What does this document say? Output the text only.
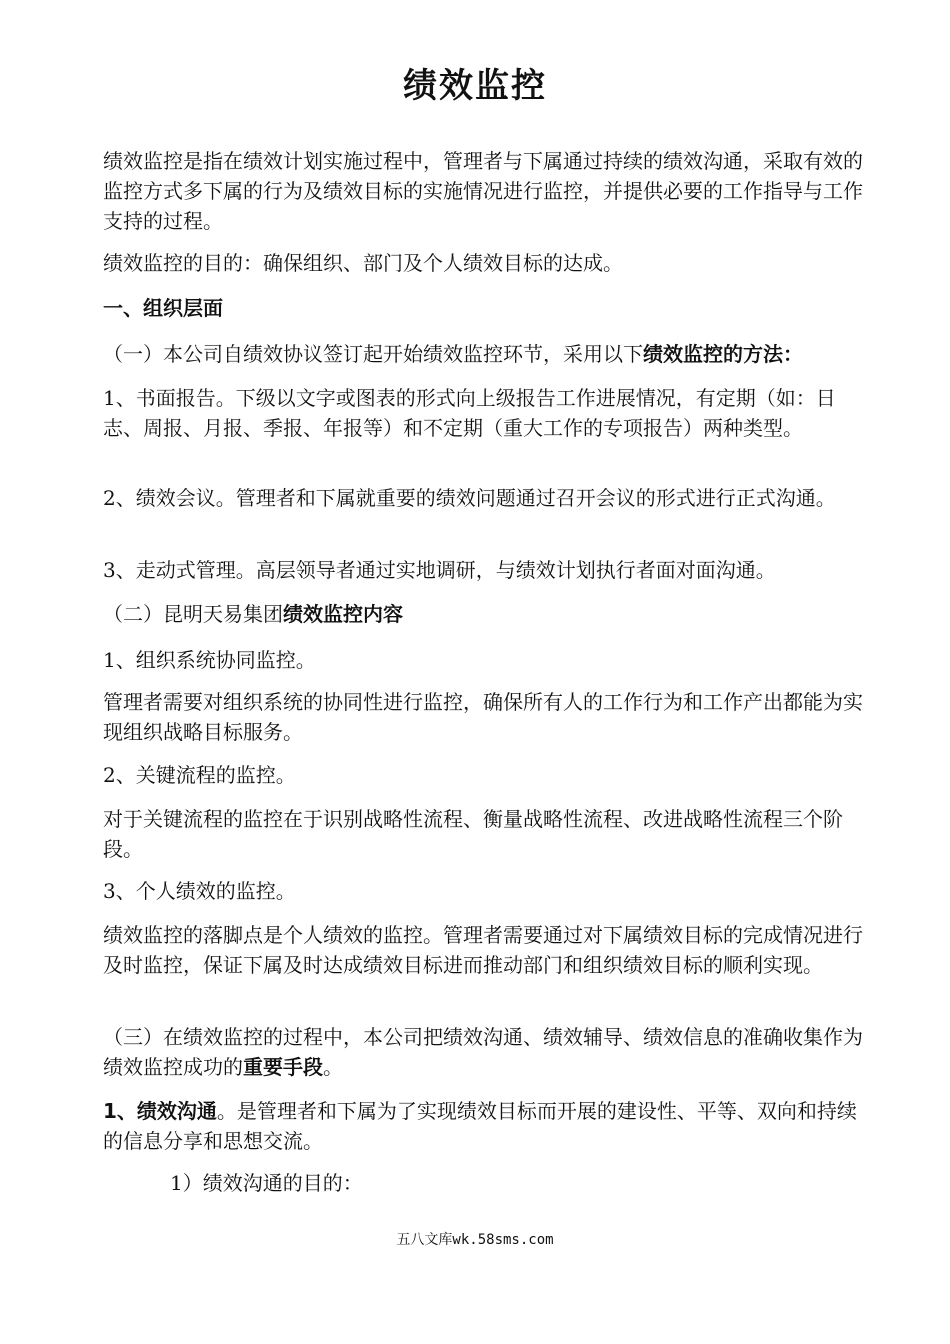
绩效监控
绩效监控是指在绩效计划实施过程中，管理者与下属通过持续的绩效沟通，采取有效的监控方式多下属的行为及绩效目标的实施情况进行监控，并提供必要的工作指导与工作支持的过程。
绩效监控的目的：确保组织、部门及个人绩效目标的达成。
一、组织层面
（一）本公司自绩效协议签订起开始绩效监控环节，采用以下绩效监控的方法：
1、书面报告。下级以文字或图表的形式向上级报告工作进展情况，有定期（如：日志、周报、月报、季报、年报等）和不定期（重大工作的专项报告）两种类型。
2、绩效会议。管理者和下属就重要的绩效问题通过召开会议的形式进行正式沟通。
3、走动式管理。高层领导者通过实地调研，与绩效计划执行者面对面沟通。
（二）昆明天易集团绩效监控内容
1、组织系统协同监控。
管理者需要对组织系统的协同性进行监控，确保所有人的工作行为和工作产出都能为实现组织战略目标服务。
2、关键流程的监控。
对于关键流程的监控在于识别战略性流程、衡量战略性流程、改进战略性流程三个阶段。
3、个人绩效的监控。
绩效监控的落脚点是个人绩效的监控。管理者需要通过对下属绩效目标的完成情况进行及时监控，保证下属及时达成绩效目标进而推动部门和组织绩效目标的顺利实现。
（三）在绩效监控的过程中，本公司把绩效沟通、绩效辅导、绩效信息的准确收集作为绩效监控成功的重要手段。
1、绩效沟通。是管理者和下属为了实现绩效目标而开展的建设性、平等、双向和持续的信息分享和思想交流。
1）绩效沟通的目的：
五八文库wk.58sms.com
